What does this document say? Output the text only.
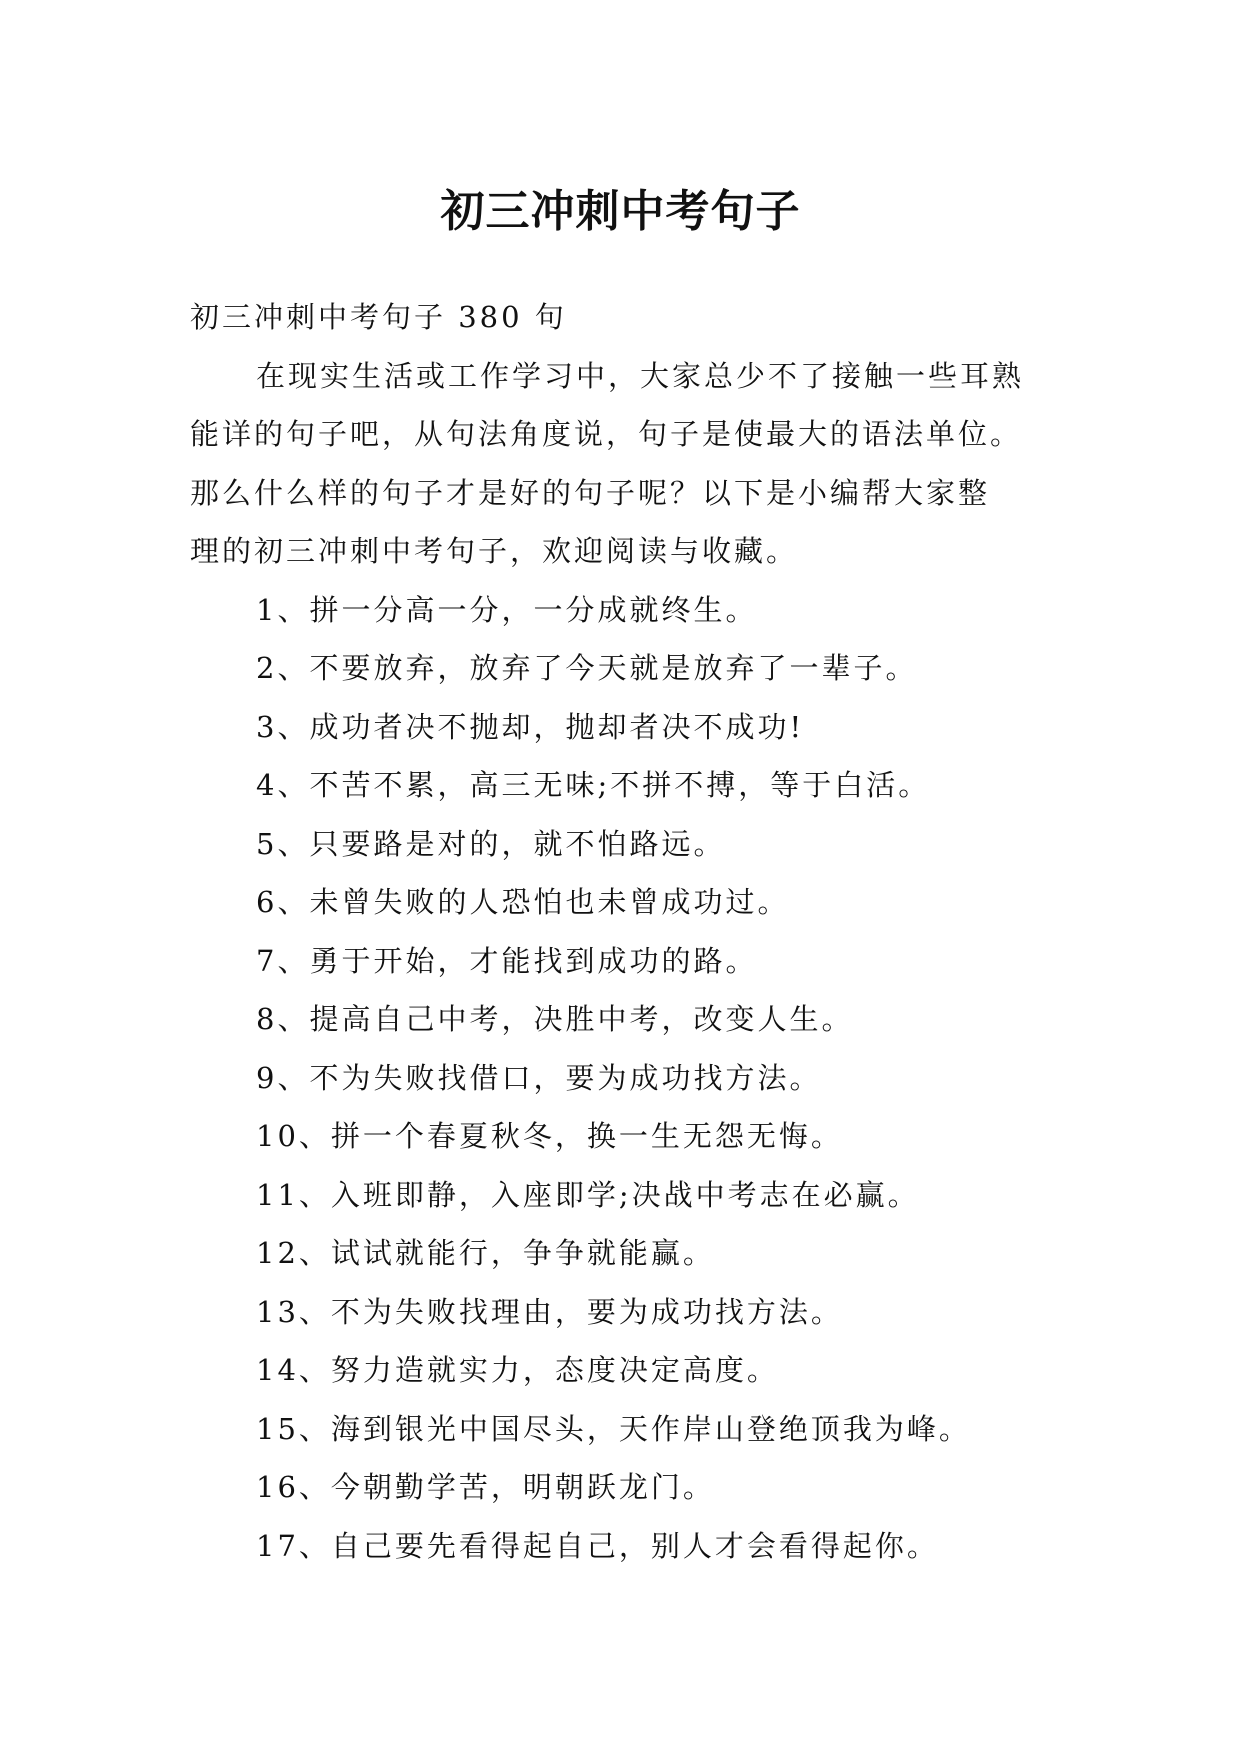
初三冲刺中考句子

初三冲刺中考句子 380 句

在现实生活或工作学习中，大家总少不了接触一些耳熟

能详的句子吧，从句法角度说，句子是使最大的语法单位。

那么什么样的句子才是好的句子呢？以下是小编帮大家整

理的初三冲刺中考句子，欢迎阅读与收藏。

1、拼一分高一分，一分成就终生。

2、不要放弃，放弃了今天就是放弃了一辈子。

3、成功者决不抛却，抛却者决不成功!

4、不苦不累，高三无味;不拼不搏，等于白活。

5、只要路是对的，就不怕路远。

6、未曾失败的人恐怕也未曾成功过。

7、勇于开始，才能找到成功的路。

8、提高自己中考，决胜中考，改变人生。

9、不为失败找借口，要为成功找方法。

10、拼一个春夏秋冬，换一生无怨无悔。

11、入班即静，入座即学;决战中考志在必赢。

12、试试就能行，争争就能赢。

13、不为失败找理由，要为成功找方法。

14、努力造就实力，态度决定高度。

15、海到银光中国尽头，天作岸山登绝顶我为峰。

16、今朝勤学苦，明朝跃龙门。

17、自己要先看得起自己，别人才会看得起你。
